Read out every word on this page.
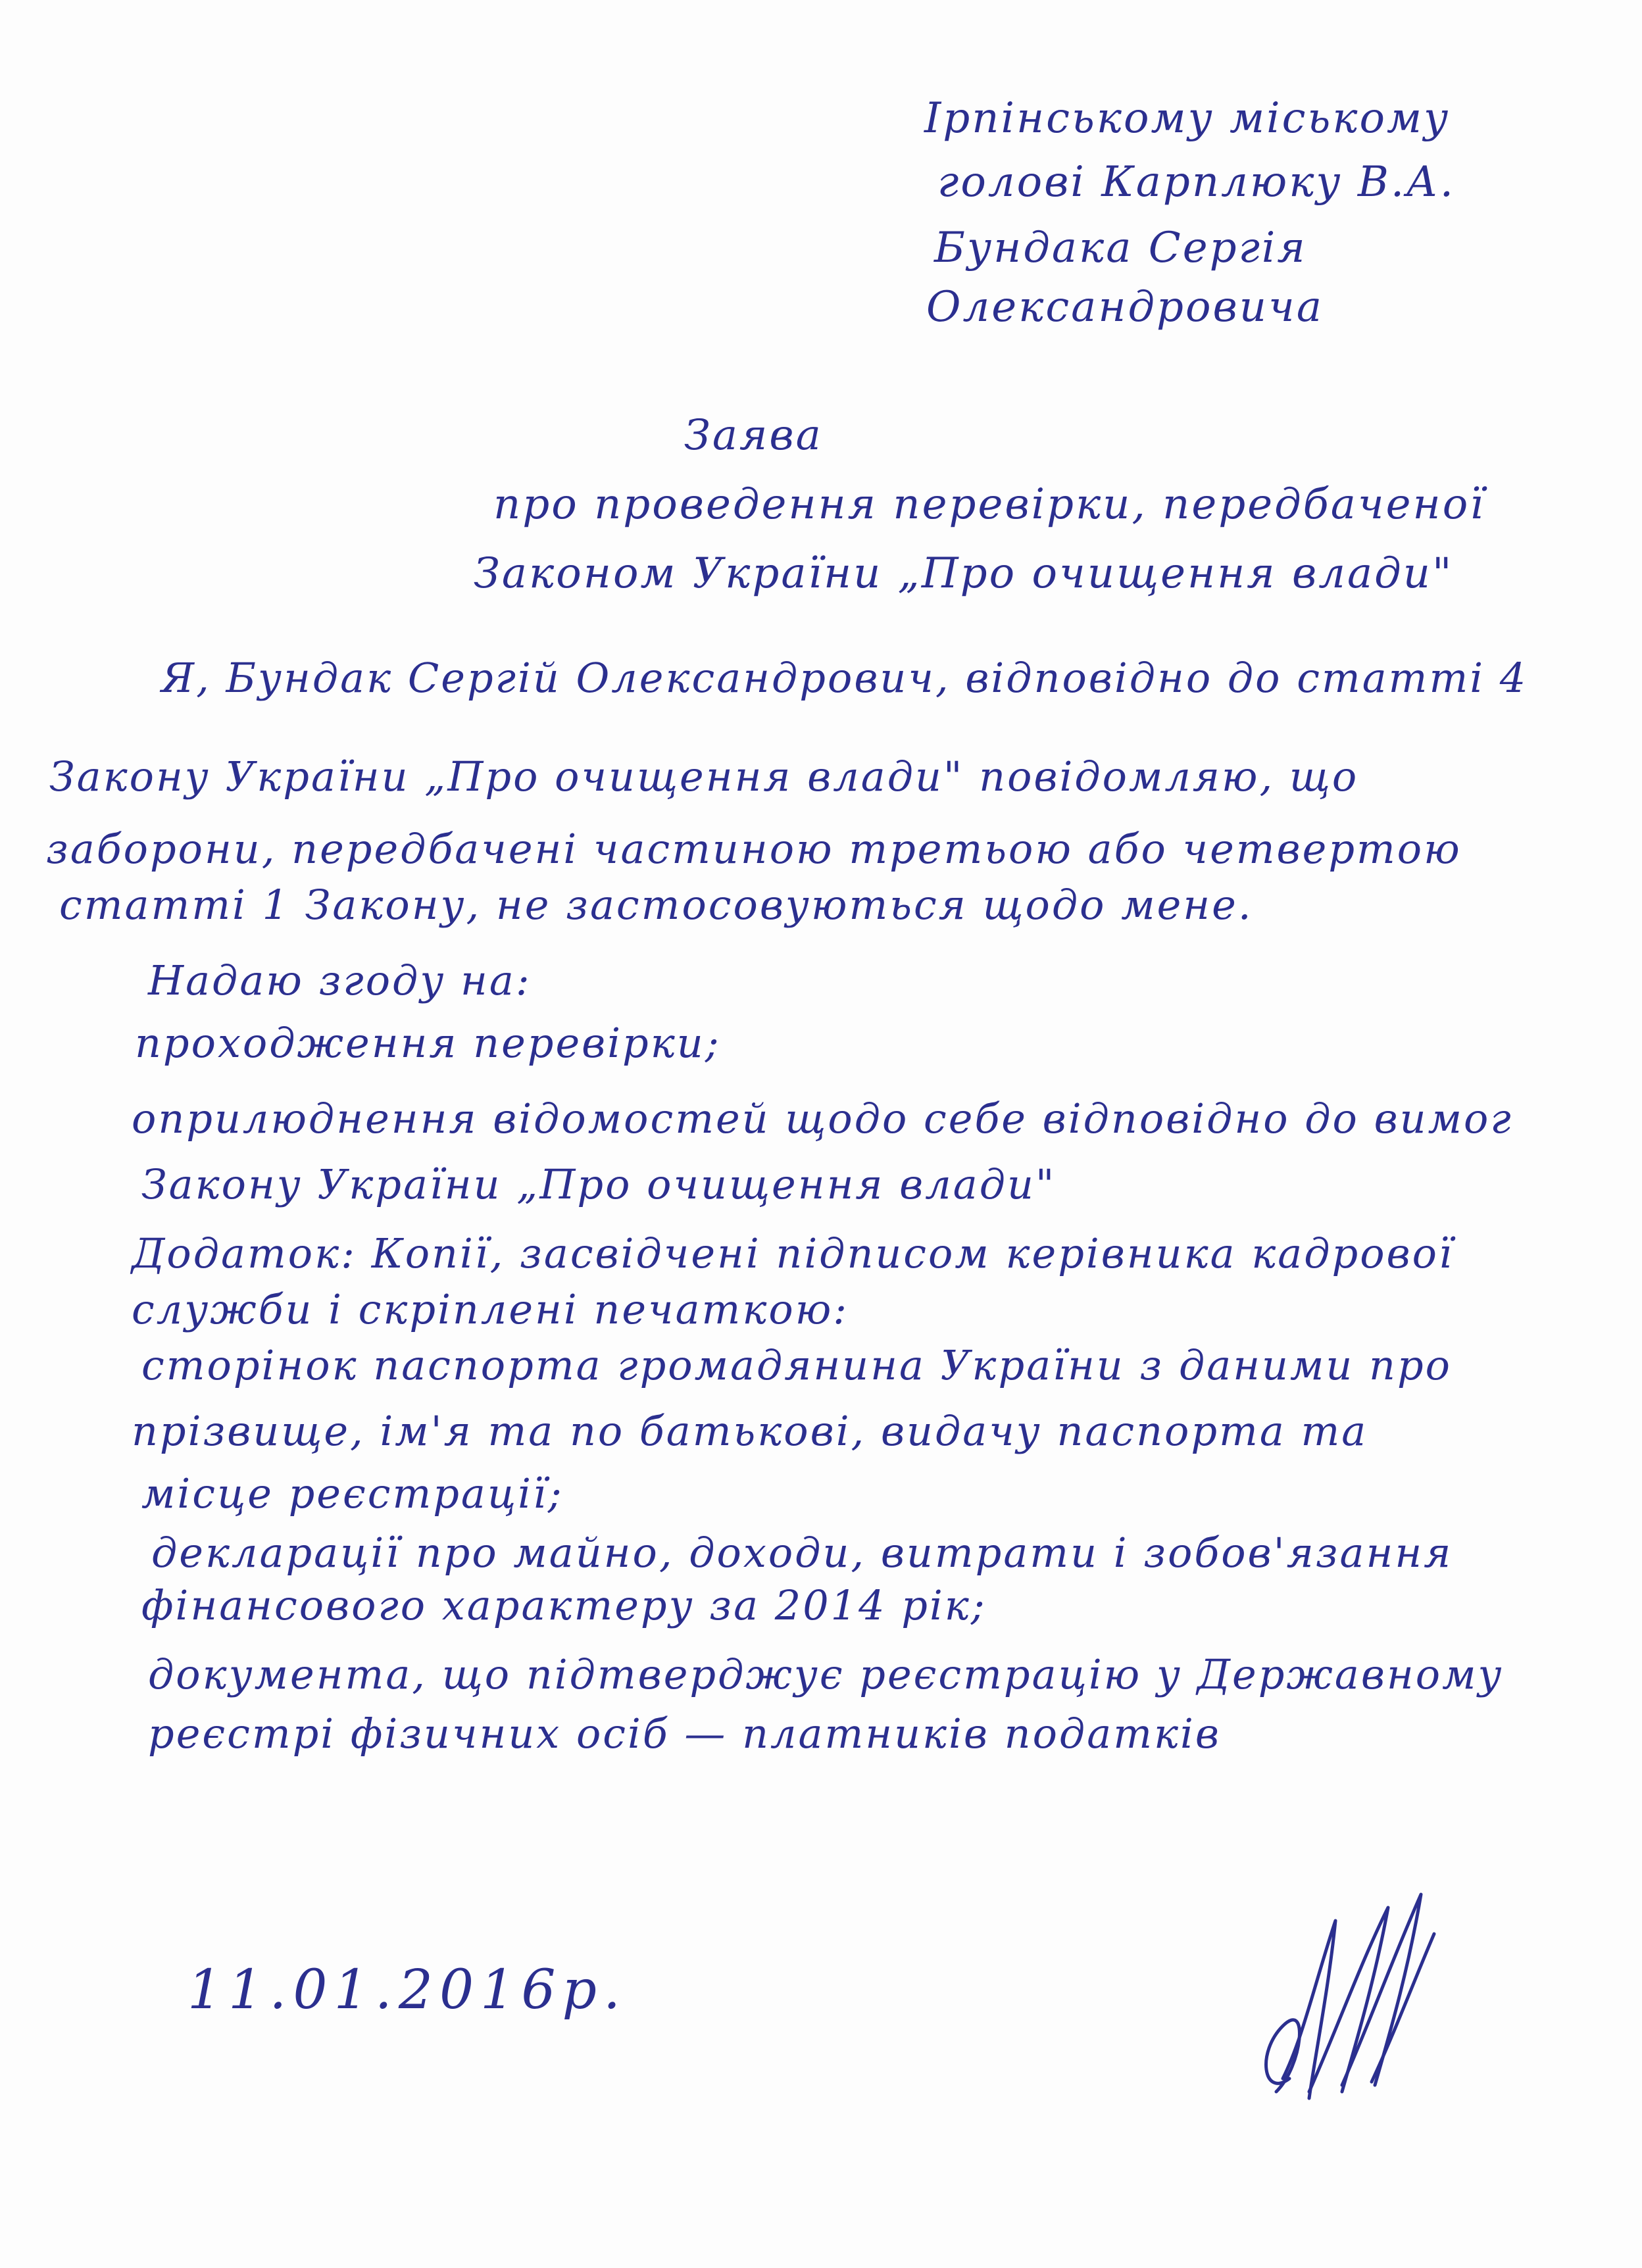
Ірпінському міському
голові Карплюку В.А.
Бундака Сергія
Олександровича
Заява
про проведення перевірки, передбаченої
Законом України „Про очищення влади"
Я, Бундак Сергій Олександрович, відповідно до статті 4
Закону України „Про очищення влади" повідомляю, що
заборони, передбачені частиною третьою або четвертою
статті 1 Закону, не застосовуються щодо мене.
Надаю згоду на:
проходження перевірки;
оприлюднення відомостей щодо себе відповідно до вимог
Закону України „Про очищення влади"
Додаток: Копії, засвідчені підписом керівника кадрової
служби і скріплені печаткою:
сторінок паспорта громадянина України з даними про
прізвище, ім'я та по батькові, видачу паспорта та
місце реєстрації;
декларації про майно, доходи, витрати і зобов'язання
фінансового характеру за 2014 рік;
документа, що підтверджує реєстрацію у Державному
реєстрі фізичних осіб — платників податків
11.01.2016р.
